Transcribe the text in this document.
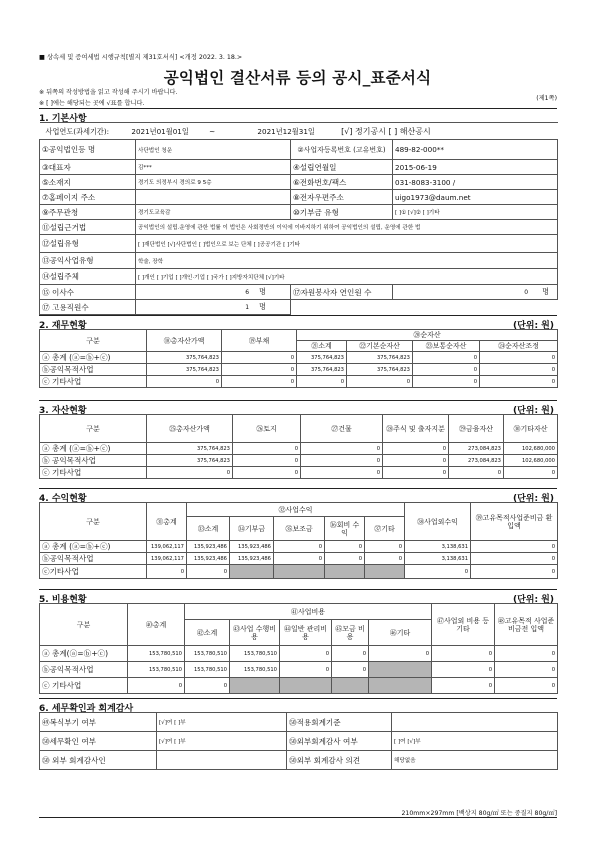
■ 상속세 및 증여세법 시행규칙[별지 제31호서식] <개정 2022. 3. 18.>
공익법인 결산서류 등의 공시_표준서식
※ 뒤쪽의 작성방법을 읽고 작성해 주시기 바랍니다.
※ [ ]에는 해당되는 곳에 √표를 합니다.
(제1쪽)
1. 기본사항
사업연도(과세기간): 2021년01월01일 ~ 2021년12월31일 [√] 정기공시 [ ] 해산공시			
①공익법인등 명	사단법인 청운	②사업자등록번호 (고유번호)	489-82-000**
③대표자	김***	④설립연월일	2015-06-19
⑤소재지	경기도 의정부시 경의로 9 5층	⑥전화번호/팩스	031-8083-3100 /
⑦홈페이지 주소		⑧전자우편주소	uigo1973@daum.net
⑨주무관청	경기도교육감	⑩기부금 유형	[ ]① [√]② [ ]기타
⑪설립근거법	공익법인의 설립.운영에 관한 법률 이 법인은 사회정반의 이익에 이바지하기 위하여 공익법인의 설립, 운영에 관한 법		
⑫설립유형	[ ]재단법인 [√]사단법인 [ ]법인으로 보는 단체 [ ]공공기관 [ ]기타		
⑬공익사업유형	학술, 장학		
⑭설립주체	[ ]개인 [ ]기업 [ ]개인·기업 [ ]국가 [ ]지방자치단체 [√]기타		
⑮ 이사수	6 명	⑰자원봉사자 연인원 수	0 명
⑰ 고용직원수	1 명		
2. 재무현황	(단위: 원)
구분	⑱총자산가액	⑲부채	⑳순자산			
			㉑소계	㉒기본순자산	㉓보통순자산	㉔순자산조정
ⓐ 총계 (ⓐ=ⓑ+ⓒ)	375,764,823	0	375,764,823	375,764,823	0	0
ⓑ공익목적사업	375,764,823	0	375,764,823	375,764,823	0	0
ⓒ 기타사업	0	0	0	0	0	0
3. 자산현황	(단위: 원)
구분	㉕총자산가액	㉖토지	㉗건물	㉘주식 및 출자지분	㉙금융자산	㉚기타자산
ⓐ 총계 (ⓐ=ⓑ+ⓒ)	375,764,823	0	0	0	273,084,823	102,680,000
ⓑ 공익목적사업	375,764,823	0	0	0	273,084,823	102,680,000
ⓒ 기타사업	0	0	0	0	0	0
4. 수익현황	(단위: 원)
구분	㉛총계	㉜사업수익					㊳사업외수익	㊴고유목적사업준비금 환입액
		㉝소계	㉞기부금	㉟보조금	㊱회비 수익	㊲기타		
ⓐ 총계 (ⓐ=ⓑ+ⓒ)	139,062,117	135,923,486	135,923,486	0	0	0	3,138,631	0
ⓑ공익목적사업	139,062,117	135,923,486	135,923,486	0	0	0	3,138,631	0
ⓒ기타사업	0	0					0	0
5. 비용현황	(단위: 원)
구분	㊵총계	㊶사업비용					㊼사업외 비용 등 기타	㊽고유목적 사업준비금전 입액
		㊷소계	㊸사업 수행비용	㊹일반 관리비용	㊺모금 비용	㊻기타		
ⓐ 총계(ⓐ=ⓑ+ⓒ)	153,780,510	153,780,510	153,780,510	0	0	0	0	0
ⓑ공익목적사업	153,780,510	153,780,510	153,780,510	0	0		0	0
ⓒ 기타사업	0	0					0	0
6. 세무확인과 회계감사
㊾복식부기 여부	[√]여 [ ]부	㊿적용회계기준	
㊿세무확인 여부	[√]여 [ ]부	㊿외부회계감사 여부	[ ]여 [√]부
㊿ 외부 회계감사인		㊿외부 회계감사 의견	해당없음
210mm×297mm [백상지 80g/㎡ 또는 중질지 80g/㎡]
